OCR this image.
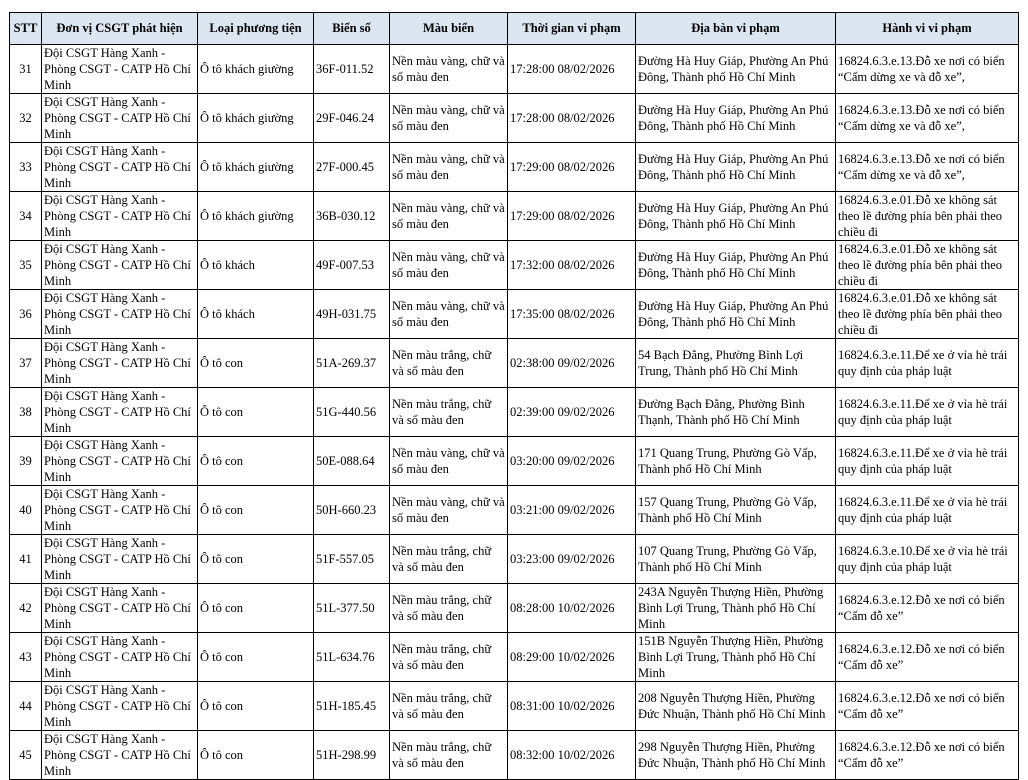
STT	Đơn vị CSGT phát hiện	Loại phương tiện	Biển số	Màu biển	Thời gian vi phạm	Địa bàn vi phạm	Hành vi vi phạm
31	Đội CSGT Hàng Xanh - Phòng CSGT - CATP Hồ Chí Minh	Ô tô khách giường	36F-011.52	Nền màu vàng, chữ và số màu đen	17:28:00 08/02/2026	Đường Hà Huy Giáp, Phường An Phú Đông, Thành phố Hồ Chí Minh	16824.6.3.e.13.Đỗ xe nơi có biển “Cấm dừng xe và đỗ xe”,
32	Đội CSGT Hàng Xanh - Phòng CSGT - CATP Hồ Chí Minh	Ô tô khách giường	29F-046.24	Nền màu vàng, chữ và số màu đen	17:28:00 08/02/2026	Đường Hà Huy Giáp, Phường An Phú Đông, Thành phố Hồ Chí Minh	16824.6.3.e.13.Đỗ xe nơi có biển “Cấm dừng xe và đỗ xe”,
33	Đội CSGT Hàng Xanh - Phòng CSGT - CATP Hồ Chí Minh	Ô tô khách giường	27F-000.45	Nền màu vàng, chữ và số màu đen	17:29:00 08/02/2026	Đường Hà Huy Giáp, Phường An Phú Đông, Thành phố Hồ Chí Minh	16824.6.3.e.13.Đỗ xe nơi có biển “Cấm dừng xe và đỗ xe”,
34	Đội CSGT Hàng Xanh - Phòng CSGT - CATP Hồ Chí Minh	Ô tô khách giường	36B-030.12	Nền màu vàng, chữ và số màu đen	17:29:00 08/02/2026	Đường Hà Huy Giáp, Phường An Phú Đông, Thành phố Hồ Chí Minh	16824.6.3.e.01.Đỗ xe không sát theo lề đường phía bên phải theo chiều đi
35	Đội CSGT Hàng Xanh - Phòng CSGT - CATP Hồ Chí Minh	Ô tô khách	49F-007.53	Nền màu vàng, chữ và số màu đen	17:32:00 08/02/2026	Đường Hà Huy Giáp, Phường An Phú Đông, Thành phố Hồ Chí Minh	16824.6.3.e.01.Đỗ xe không sát theo lề đường phía bên phải theo chiều đi
36	Đội CSGT Hàng Xanh - Phòng CSGT - CATP Hồ Chí Minh	Ô tô khách	49H-031.75	Nền màu vàng, chữ và số màu đen	17:35:00 08/02/2026	Đường Hà Huy Giáp, Phường An Phú Đông, Thành phố Hồ Chí Minh	16824.6.3.e.01.Đỗ xe không sát theo lề đường phía bên phải theo chiều đi
37	Đội CSGT Hàng Xanh - Phòng CSGT - CATP Hồ Chí Minh	Ô tô con	51A-269.37	Nền màu trắng, chữ và số màu đen	02:38:00 09/02/2026	54 Bạch Đằng, Phường Bình Lợi Trung, Thành phố Hồ Chí Minh	16824.6.3.e.11.Để xe ở vỉa hè trái quy định của pháp luật
38	Đội CSGT Hàng Xanh - Phòng CSGT - CATP Hồ Chí Minh	Ô tô con	51G-440.56	Nền màu trắng, chữ và số màu đen	02:39:00 09/02/2026	Đường Bạch Đằng, Phường Bình Thạnh, Thành phố Hồ Chí Minh	16824.6.3.e.11.Để xe ở vỉa hè trái quy định của pháp luật
39	Đội CSGT Hàng Xanh - Phòng CSGT - CATP Hồ Chí Minh	Ô tô con	50E-088.64	Nền màu vàng, chữ và số màu đen	03:20:00 09/02/2026	171 Quang Trung, Phường Gò Vấp, Thành phố Hồ Chí Minh	16824.6.3.e.11.Để xe ở vỉa hè trái quy định của pháp luật
40	Đội CSGT Hàng Xanh - Phòng CSGT - CATP Hồ Chí Minh	Ô tô con	50H-660.23	Nền màu vàng, chữ và số màu đen	03:21:00 09/02/2026	157 Quang Trung, Phường Gò Vấp, Thành phố Hồ Chí Minh	16824.6.3.e.11.Để xe ở vỉa hè trái quy định của pháp luật
41	Đội CSGT Hàng Xanh - Phòng CSGT - CATP Hồ Chí Minh	Ô tô con	51F-557.05	Nền màu trắng, chữ và số màu đen	03:23:00 09/02/2026	107 Quang Trung, Phường Gò Vấp, Thành phố Hồ Chí Minh	16824.6.3.e.10.Để xe ở vỉa hè trái quy định của pháp luật
42	Đội CSGT Hàng Xanh - Phòng CSGT - CATP Hồ Chí Minh	Ô tô con	51L-377.50	Nền màu trắng, chữ và số màu đen	08:28:00 10/02/2026	243A Nguyễn Thượng Hiền, Phường Bình Lợi Trung, Thành phố Hồ Chí Minh	16824.6.3.e.12.Đỗ xe nơi có biển “Cấm đỗ xe”
43	Đội CSGT Hàng Xanh - Phòng CSGT - CATP Hồ Chí Minh	Ô tô con	51L-634.76	Nền màu trắng, chữ và số màu đen	08:29:00 10/02/2026	151B Nguyễn Thượng Hiền, Phường Bình Lợi Trung, Thành phố Hồ Chí Minh	16824.6.3.e.12.Đỗ xe nơi có biển “Cấm đỗ xe”
44	Đội CSGT Hàng Xanh - Phòng CSGT - CATP Hồ Chí Minh	Ô tô con	51H-185.45	Nền màu trắng, chữ và số màu đen	08:31:00 10/02/2026	208 Nguyễn Thượng Hiền, Phường Đức Nhuận, Thành phố Hồ Chí Minh	16824.6.3.e.12.Đỗ xe nơi có biển “Cấm đỗ xe”
45	Đội CSGT Hàng Xanh - Phòng CSGT - CATP Hồ Chí Minh	Ô tô con	51H-298.99	Nền màu trắng, chữ và số màu đen	08:32:00 10/02/2026	298 Nguyễn Thượng Hiền, Phường Đức Nhuận, Thành phố Hồ Chí Minh	16824.6.3.e.12.Đỗ xe nơi có biển “Cấm đỗ xe”
